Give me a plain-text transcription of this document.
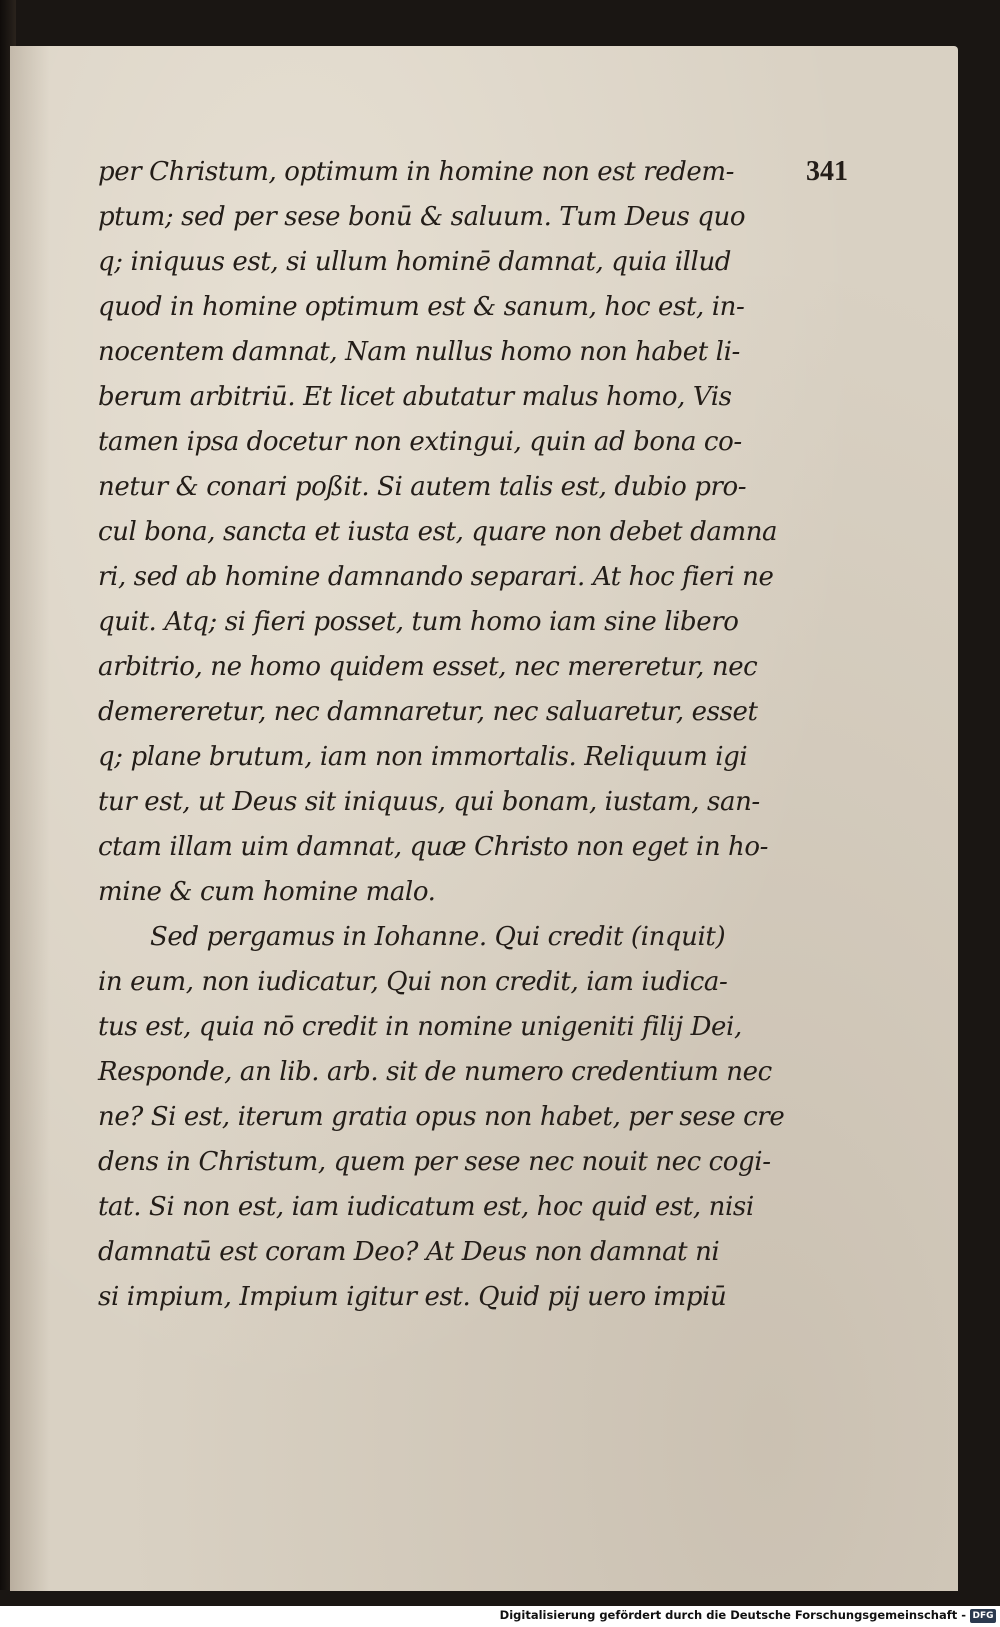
341

per Christum, optimum in homine non est redem-
ptum; sed per sese bonū & saluum. Tum Deus quo
q; iniquus est, si ullum hominē damnat, quia illud
quod in homine optimum est & sanum, hoc est, in-
nocentem damnat, Nam nullus homo non habet li-
berum arbitriū. Et licet abutatur malus homo, Vis
tamen ipsa docetur non extingui, quin ad bona co-
netur & conari poßit. Si autem talis est, dubio pro-
cul bona, sancta et iusta est, quare non debet damna
ri, sed ab homine damnando separari. At hoc fieri ne
quit. Atq; si fieri posset, tum homo iam sine libero
arbitrio, ne homo quidem esset, nec mereretur, nec
demereretur, nec damnaretur, nec saluaretur, esset
q; plane brutum, iam non immortalis. Reliquum igi
tur est, ut Deus sit iniquus, qui bonam, iustam, san-
ctam illam uim damnat, quæ Christo non eget in ho-
mine & cum homine malo.
Sed pergamus in Iohanne. Qui credit (inquit)
in eum, non iudicatur, Qui non credit, iam iudica-
tus est, quia nō credit in nomine unigeniti filij Dei,
Responde, an lib. arb. sit de numero credentium nec
ne? Si est, iterum gratia opus non habet, per sese cre
dens in Christum, quem per sese nec nouit nec cogi-
tat. Si non est, iam iudicatum est, hoc quid est, nisi
damnatū est coram Deo? At Deus non damnat ni
si impium, Impium igitur est. Quid pij uero impiū
Digitalisierung gefördert durch die Deutsche Forschungsgemeinschaft - DFG
